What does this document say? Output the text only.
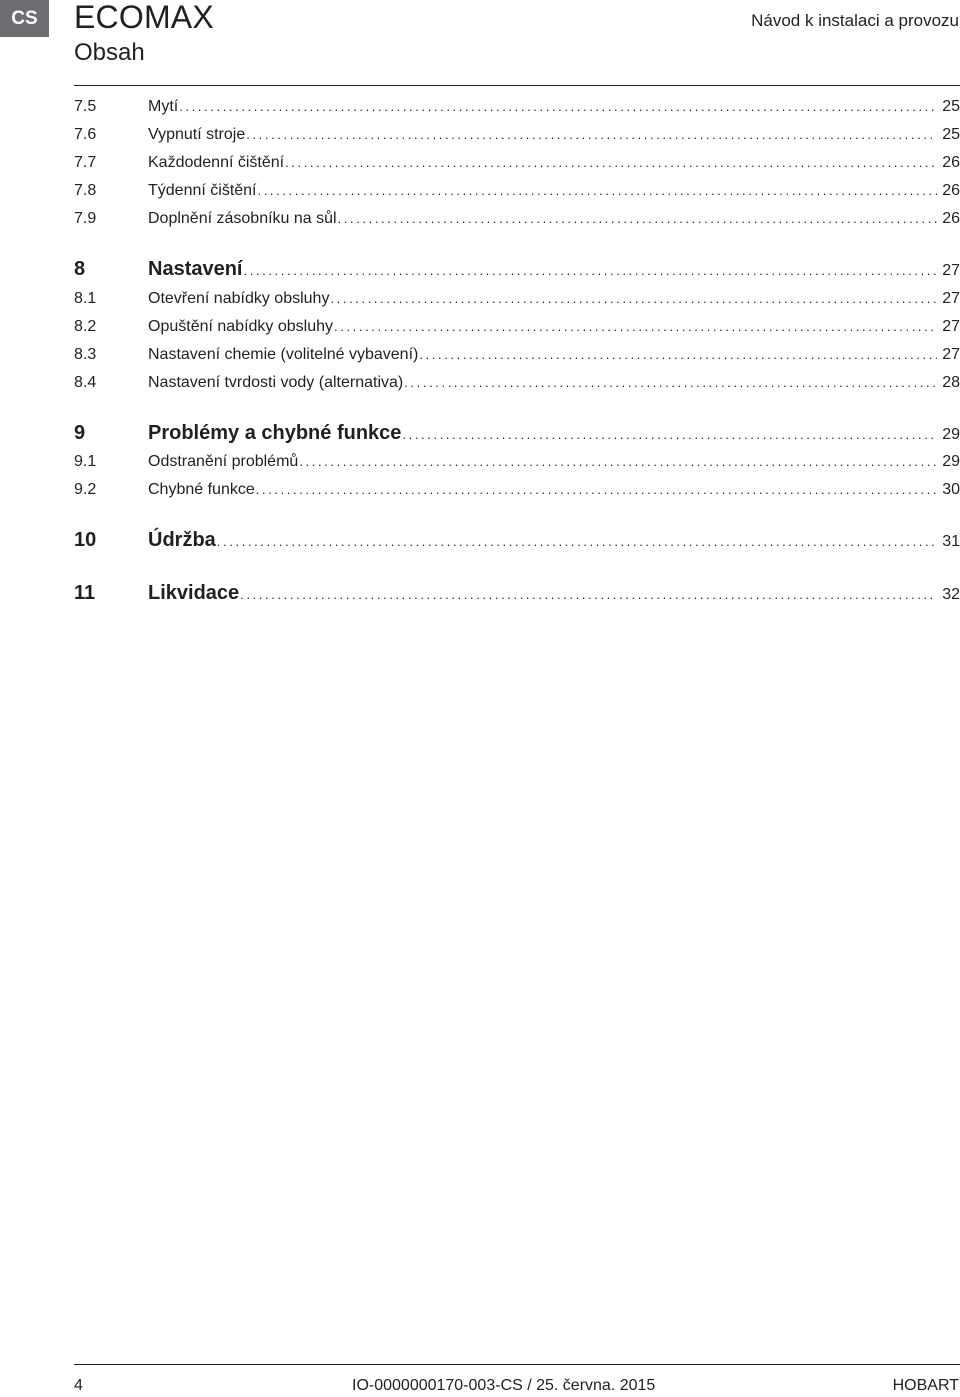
CS	ECOMAX
Obsah
Návod k instalaci a provozu
7.5	Mytí .....	25
7.6	Vypnutí stroje .....	25
7.7	Každodenní čištění .....	26
7.8	Týdenní čištění .....	26
7.9	Doplnění zásobníku na sůl .....	26
8	Nastavení .....	27
8.1	Otevření nabídky obsluhy .....	27
8.2	Opuštění nabídky obsluhy .....	27
8.3	Nastavení chemie (volitelné vybavení) .....	27
8.4	Nastavení tvrdosti vody (alternativa) .....	28
9	Problémy a chybné funkce .....	29
9.1	Odstranění problémů .....	29
9.2	Chybné funkce .....	30
10	Údržba .....	31
11	Likvidace .....	32
4	IO-0000000170-003-CS / 25. června. 2015	HOBART
